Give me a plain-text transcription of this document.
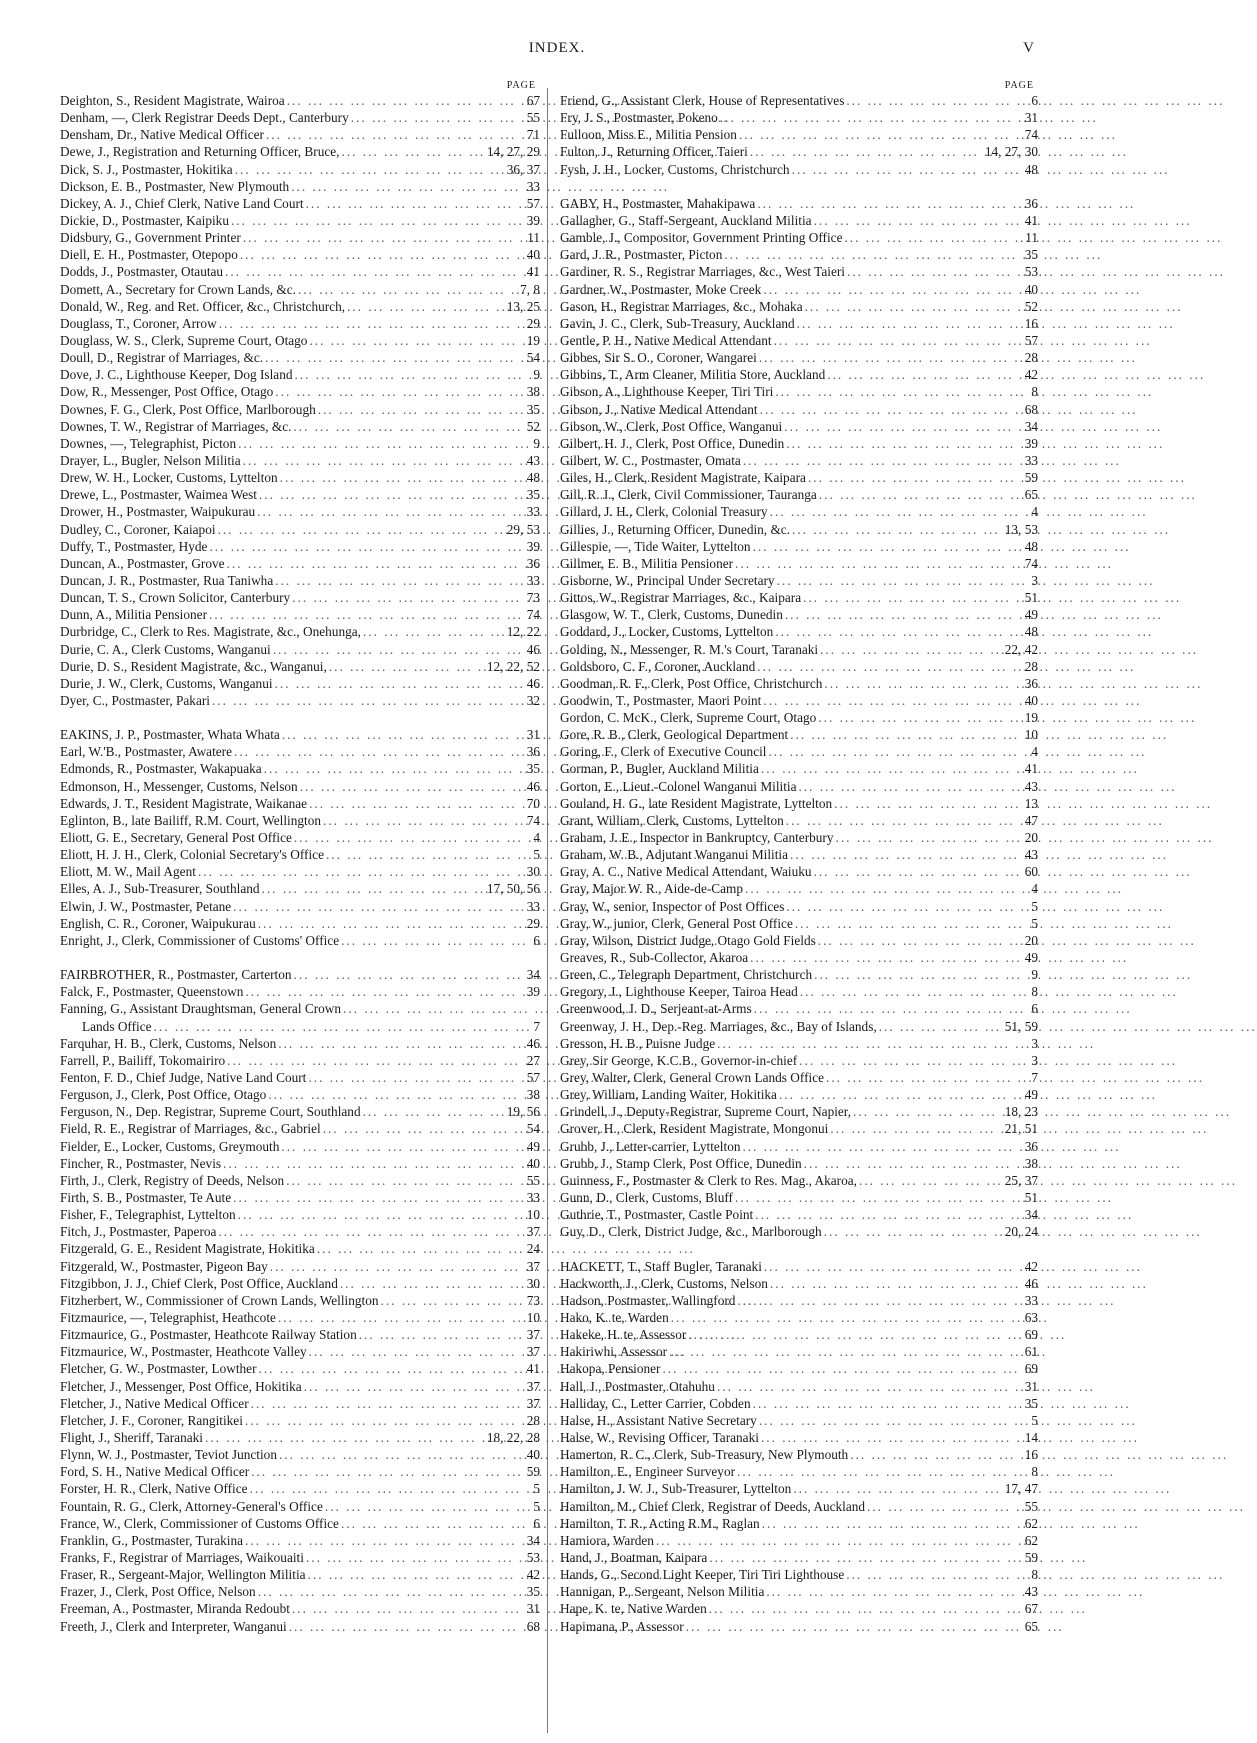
INDEX.	V
PAGE
Deighton, S., Resident Magistrate, Wairoa ... .	67
Denham, —, Clerk Registrar Deeds Dept., Canterbury ... .	55
Densham, Dr., Native Medical Officer ... .	71
Dewe, J., Registration and Returning Officer, Bruce, ... .	14, 27, 29
Dick, S. J., Postmaster, Hokitika ... .	36, 37
Dickson, E. B., Postmaster, New Plymouth ... .	33
Dickey, A. J., Chief Clerk, Native Land Court ... .	57
Dickie, D., Postmaster, Kaipiku ... .	39
Didsbury, G., Government Printer ... .	11
Diell, E. H., Postmaster, Otepopo ... .	40
Dodds, J., Postmaster, Otautau ... .	41
Domett, A., Secretary for Crown Lands, &c. ... .	7, 8
Donald, W., Reg. and Ret. Officer, &c., Christchurch, ... .	13, 25
Douglass, T., Coroner, Arrow ... .	29
Douglass, W. S., Clerk, Supreme Court, Otago ... .	19
Doull, D., Registrar of Marriages, &c. ... .	54
Dove, J. C., Lighthouse Keeper, Dog Island ... .	9
Dow, R., Messenger, Post Office, Otago ... .	38
Downes, F. G., Clerk, Post Office, Marlborough ... .	35
Downes, T. W., Registrar of Marriages, &c. ... .	52
Downes, —, Telegraphist, Picton ... .	9
Drayer, L., Bugler, Nelson Militia ... .	43
Drew, W. H., Locker, Customs, Lyttelton ... .	48
Drewe, L., Postmaster, Waimea West ... .	35
Drower, H., Postmaster, Waipukurau ... .	33
Dudley, C., Coroner, Kaiapoi ... .	29, 53
Duffy, T., Postmaster, Hyde ... .	39
Duncan, A., Postmaster, Grove ... .	36
Duncan, J. R., Postmaster, Rua Taniwha ... .	33
Duncan, T. S., Crown Solicitor, Canterbury ... .	73
Dunn, A., Militia Pensioner ... .	74
Durbridge, C., Clerk to Res. Magistrate, &c., Onehunga, ... .	12, 22
Durie, C. A., Clerk Customs, Wanganui ... .	46
Durie, D. S., Resident Magistrate, &c., Wanganui, ... .	12, 22, 52
Durie, J. W., Clerk, Customs, Wanganui ... .	46
Dyer, C., Postmaster, Pakari ... .	32
EAKINS, J. P., Postmaster, Whata Whata ... .	31
Earl, W.'B., Postmaster, Awatere ... .	36
Edmonds, R., Postmaster, Wakapuaka ... .	35
Edmonson, H., Messenger, Customs, Nelson ... .	46
Edwards, J. T., Resident Magistrate, Waikanae ... .	70
Eglinton, B., late Bailiff, R.M. Court, Wellington ... .	74
Eliott, G. E., Secretary, General Post Office ... .	4
Eliott, H. J. H., Clerk, Colonial Secretary's Office ... .	5
Eliott, M. W., Mail Agent ... .	30
Elles, A. J., Sub-Treasurer, Southland ... .	17, 50, 56
Elwin, J. W., Postmaster, Petane ... .	33
English, C. R., Coroner, Waipukurau ... .	29
Enright, J., Clerk, Commissioner of Customs' Office ... .	6
FAIRBROTHER, R., Postmaster, Carterton ... .	34
Falck, F., Postmaster, Queenstown ... .	39
Fanning, G., Assistant Draughtsman, General Crown
... .
Lands Office ... .	7
Farquhar, H. B., Clerk, Customs, Nelson ... .	46
Farrell, P., Bailiff, Tokomairiro ... .	27
Fenton, F. D., Chief Judge, Native Land Court ... .	57
Ferguson, J., Clerk, Post Office, Otago ... .	38
Ferguson, N., Dep. Registrar, Supreme Court, Southland ... .	19, 56
Field, R. E., Registrar of Marriages, &c., Gabriel ... .	54
Fielder, E., Locker, Customs, Greymouth ... .	49
Fincher, R., Postmaster, Nevis ... .	40
Firth, J., Clerk, Registry of Deeds, Nelson ... .	55
Firth, S. B., Postmaster, Te Aute ... .	33
Fisher, F., Telegraphist, Lyttelton ... .	10
Fitch, J., Postmaster, Paperoa ... .	37
Fitzgerald, G. E., Resident Magistrate, Hokitika ... .	24
Fitzgerald, W., Postmaster, Pigeon Bay ... .	37
Fitzgibbon, J. J., Chief Clerk, Post Office, Auckland ... .	30
Fitzherbert, W., Commissioner of Crown Lands, Wellington ... .	73
Fitzmaurice, —, Telegraphist, Heathcote ... .	10
Fitzmaurice, G., Postmaster, Heathcote Railway Station ... .	37
Fitzmaurice, W., Postmaster, Heathcote Valley ... .	37
Fletcher, G. W., Postmaster, Lowther ... .	41
Fletcher, J., Messenger, Post Office, Hokitika ... .	37
Fletcher, J., Native Medical Officer ... .	37
Fletcher, J. F., Coroner, Rangitikei ... .	28
Flight, J., Sheriff, Taranaki ... .	18, 22, 28
Flynn, W. J., Postmaster, Teviot Junction ... .	40
Ford, S. H., Native Medical Officer ... .	59
Forster, H. R., Clerk, Native Office ... .	5
Fountain, R. G., Clerk, Attorney-General's Office ... .	5
France, W., Clerk, Commissioner of Customs Office ... .	6
Franklin, G., Postmaster, Turakina ... .	34
Franks, F., Registrar of Marriages, Waikouaiti ... .	53
Fraser, R., Sergeant-Major, Wellington Militia ... .	42
Frazer, J., Clerk, Post Office, Nelson ... .	35
Freeman, A., Postmaster, Miranda Redoubt ... .	31
Freeth, J., Clerk and Interpreter, Wanganui ... .	68
PAGE
Friend, G., Assistant Clerk, House of Representatives ... .	6
Fry, J. S., Postmaster, Pokeno ... .	31
Fulloon, Miss E., Militia Pension ... .	74
Fulton, J., Returning Officer, Taieri ... .	14, 27, 30
Fysh, J. H., Locker, Customs, Christchurch ... .	48
GABY, H., Postmaster, Mahakipawa ... .	36
Gallagher, G., Staff-Sergeant, Auckland Militia ... .	41
Gamble, J., Compositor, Government Printing Office ... .	11
Gard, J. R., Postmaster, Picton ... .	35
Gardiner, R. S., Registrar Marriages, &c., West Taieri ... .	53
Gardner, W., Postmaster, Moke Creek ... .	40
Gason, H., Registrar Marriages, &c., Mohaka ... .	52
Gavin, J. C., Clerk, Sub-Treasury, Auckland ... .	16
Gentle, P. H., Native Medical Attendant ... .	57
Gibbes, Sir S. O., Coroner, Wangarei ... .	28
Gibbins, T., Arm Cleaner, Militia Store, Auckland ... .	42
Gibson, A., Lighthouse Keeper, Tiri Tiri ... .	8
Gibson, J., Native Medical Attendant ... .	68
Gibson, W., Clerk, Post Office, Wanganui ... .	34
Gilbert, H. J., Clerk, Post Office, Dunedin ... .	39
Gilbert, W. C., Postmaster, Omata ... .	33
Giles, H., Clerk, Resident Magistrate, Kaipara ... .	59
Gill, R. J., Clerk, Civil Commissioner, Tauranga ... .	65
Gillard, J. H., Clerk, Colonial Treasury ... .	4
Gillies, J., Returning Officer, Dunedin, &c. ... .	13, 53
Gillespie, —, Tide Waiter, Lyttelton ... .	48
Gillmer, E. B., Militia Pensioner ... .	74
Gisborne, W., Principal Under Secretary ... .	3
Gittos, W., Registrar Marriages, &c., Kaipara ... .	51
Glasgow, W. T., Clerk, Customs, Dunedin ... .	49
Goddard, J., Locker, Customs, Lyttelton ... .	48
Golding, N., Messenger, R. M.'s Court, Taranaki ... .	22, 42
Goldsboro, C. F., Coroner, Auckland ... .	28
Goodman, R. F., Clerk, Post Office, Christchurch ... .	36
Goodwin, T., Postmaster, Maori Point ... .	40
Gordon, C. McK., Clerk, Supreme Court, Otago ... .	19
Gore, R. B., Clerk, Geological Department ... .	10
Goring, F., Clerk of Executive Council ... .	4
Gorman, P., Bugler, Auckland Militia ... .	41
Gorton, E., Lieut.-Colonel Wanganui Militia ... .	43
Gouland, H. G., late Resident Magistrate, Lyttelton ... .	13
Grant, William, Clerk, Customs, Lyttelton ... .	47
Graham, J. E., Inspector in Bankruptcy, Canterbury ... .	20
Graham, W. B., Adjutant Wanganui Militia ... .	43
Gray, A. C., Native Medical Attendant, Waiuku ... .	60
Gray, Major W. R., Aide-de-Camp ... .	4
Gray, W., senior, Inspector of Post Offices ... .	5
Gray, W., junior, Clerk, General Post Office ... .	5
Gray, Wilson, District Judge, Otago Gold Fields ... .	20
Greaves, R., Sub-Collector, Akaroa ... .	49
Green, C., Telegraph Department, Christchurch ... .	9
Gregory, J., Lighthouse Keeper, Tairoa Head ... .	8
Greenwood, J. D., Serjeant-at-Arms ... .	6
Greenway, J. H., Dep.-Reg. Marriages, &c., Bay of Islands, ... .	51, 59
Gresson, H. B., Puisne Judge ... .	3
Grey, Sir George, K.C.B., Governor-in-chief ... .	3
Grey, Walter, Clerk, General Crown Lands Office ... .	7
Grey, William, Landing Waiter, Hokitika ... .	49
Grindell, J., Deputy-Registrar, Supreme Court, Napier, ... .	18, 23
Grover, H., Clerk, Resident Magistrate, Mongonui ... .	21, 51
Grubb, J., Letter-carrier, Lyttelton ... .	36
Grubb, J., Stamp Clerk, Post Office, Dunedin ... .	38
Guinness, F., Postmaster & Clerk to Res. Mag., Akaroa, ... .	25, 37
Gunn, D., Clerk, Customs, Bluff ... .	51
Guthrie, T., Postmaster, Castle Point ... .	34
Guy, D., Clerk, District Judge, &c., Marlborough ... .	20, 24
HACKETT, T., Staff Bugler, Taranaki ... .	42
Hackworth, J., Clerk, Customs, Nelson ... .	46
Hadson, Postmaster, Wallingford ... .	33
Hako, K. te, Warden ... .	63
Hakeke, H. te, Assessor ... .	69
Hakiriwhi, Assessor ... .	61
Hakopa, Pensioner ... .	69
Hall, J., Postmaster, Otahuhu ... .	31
Halliday, C., Letter Carrier, Cobden ... .	35
Halse, H., Assistant Native Secretary ... .	5
Halse, W., Revising Officer, Taranaki ... .	14
Hamerton, R. C., Clerk, Sub-Treasury, New Plymouth ... .	16
Hamilton, E., Engineer Surveyor ... .	8
Hamilton, J. W. J., Sub-Treasurer, Lyttelton ... .	17, 47
Hamilton, M., Chief Clerk, Registrar of Deeds, Auckland ... .	55
Hamilton, T. R., Acting R.M., Raglan ... .	62
Hamiora, Warden ... .	62
Hand, J., Boatman, Kaipara ... .	59
Hands, G., Second Light Keeper, Tiri Tiri Lighthouse ... .	8
Hannigan, P., Sergeant, Nelson Militia ... .	43
Hape, K. te, Native Warden ... .	67
Hapimana, P., Assessor ... .	65
